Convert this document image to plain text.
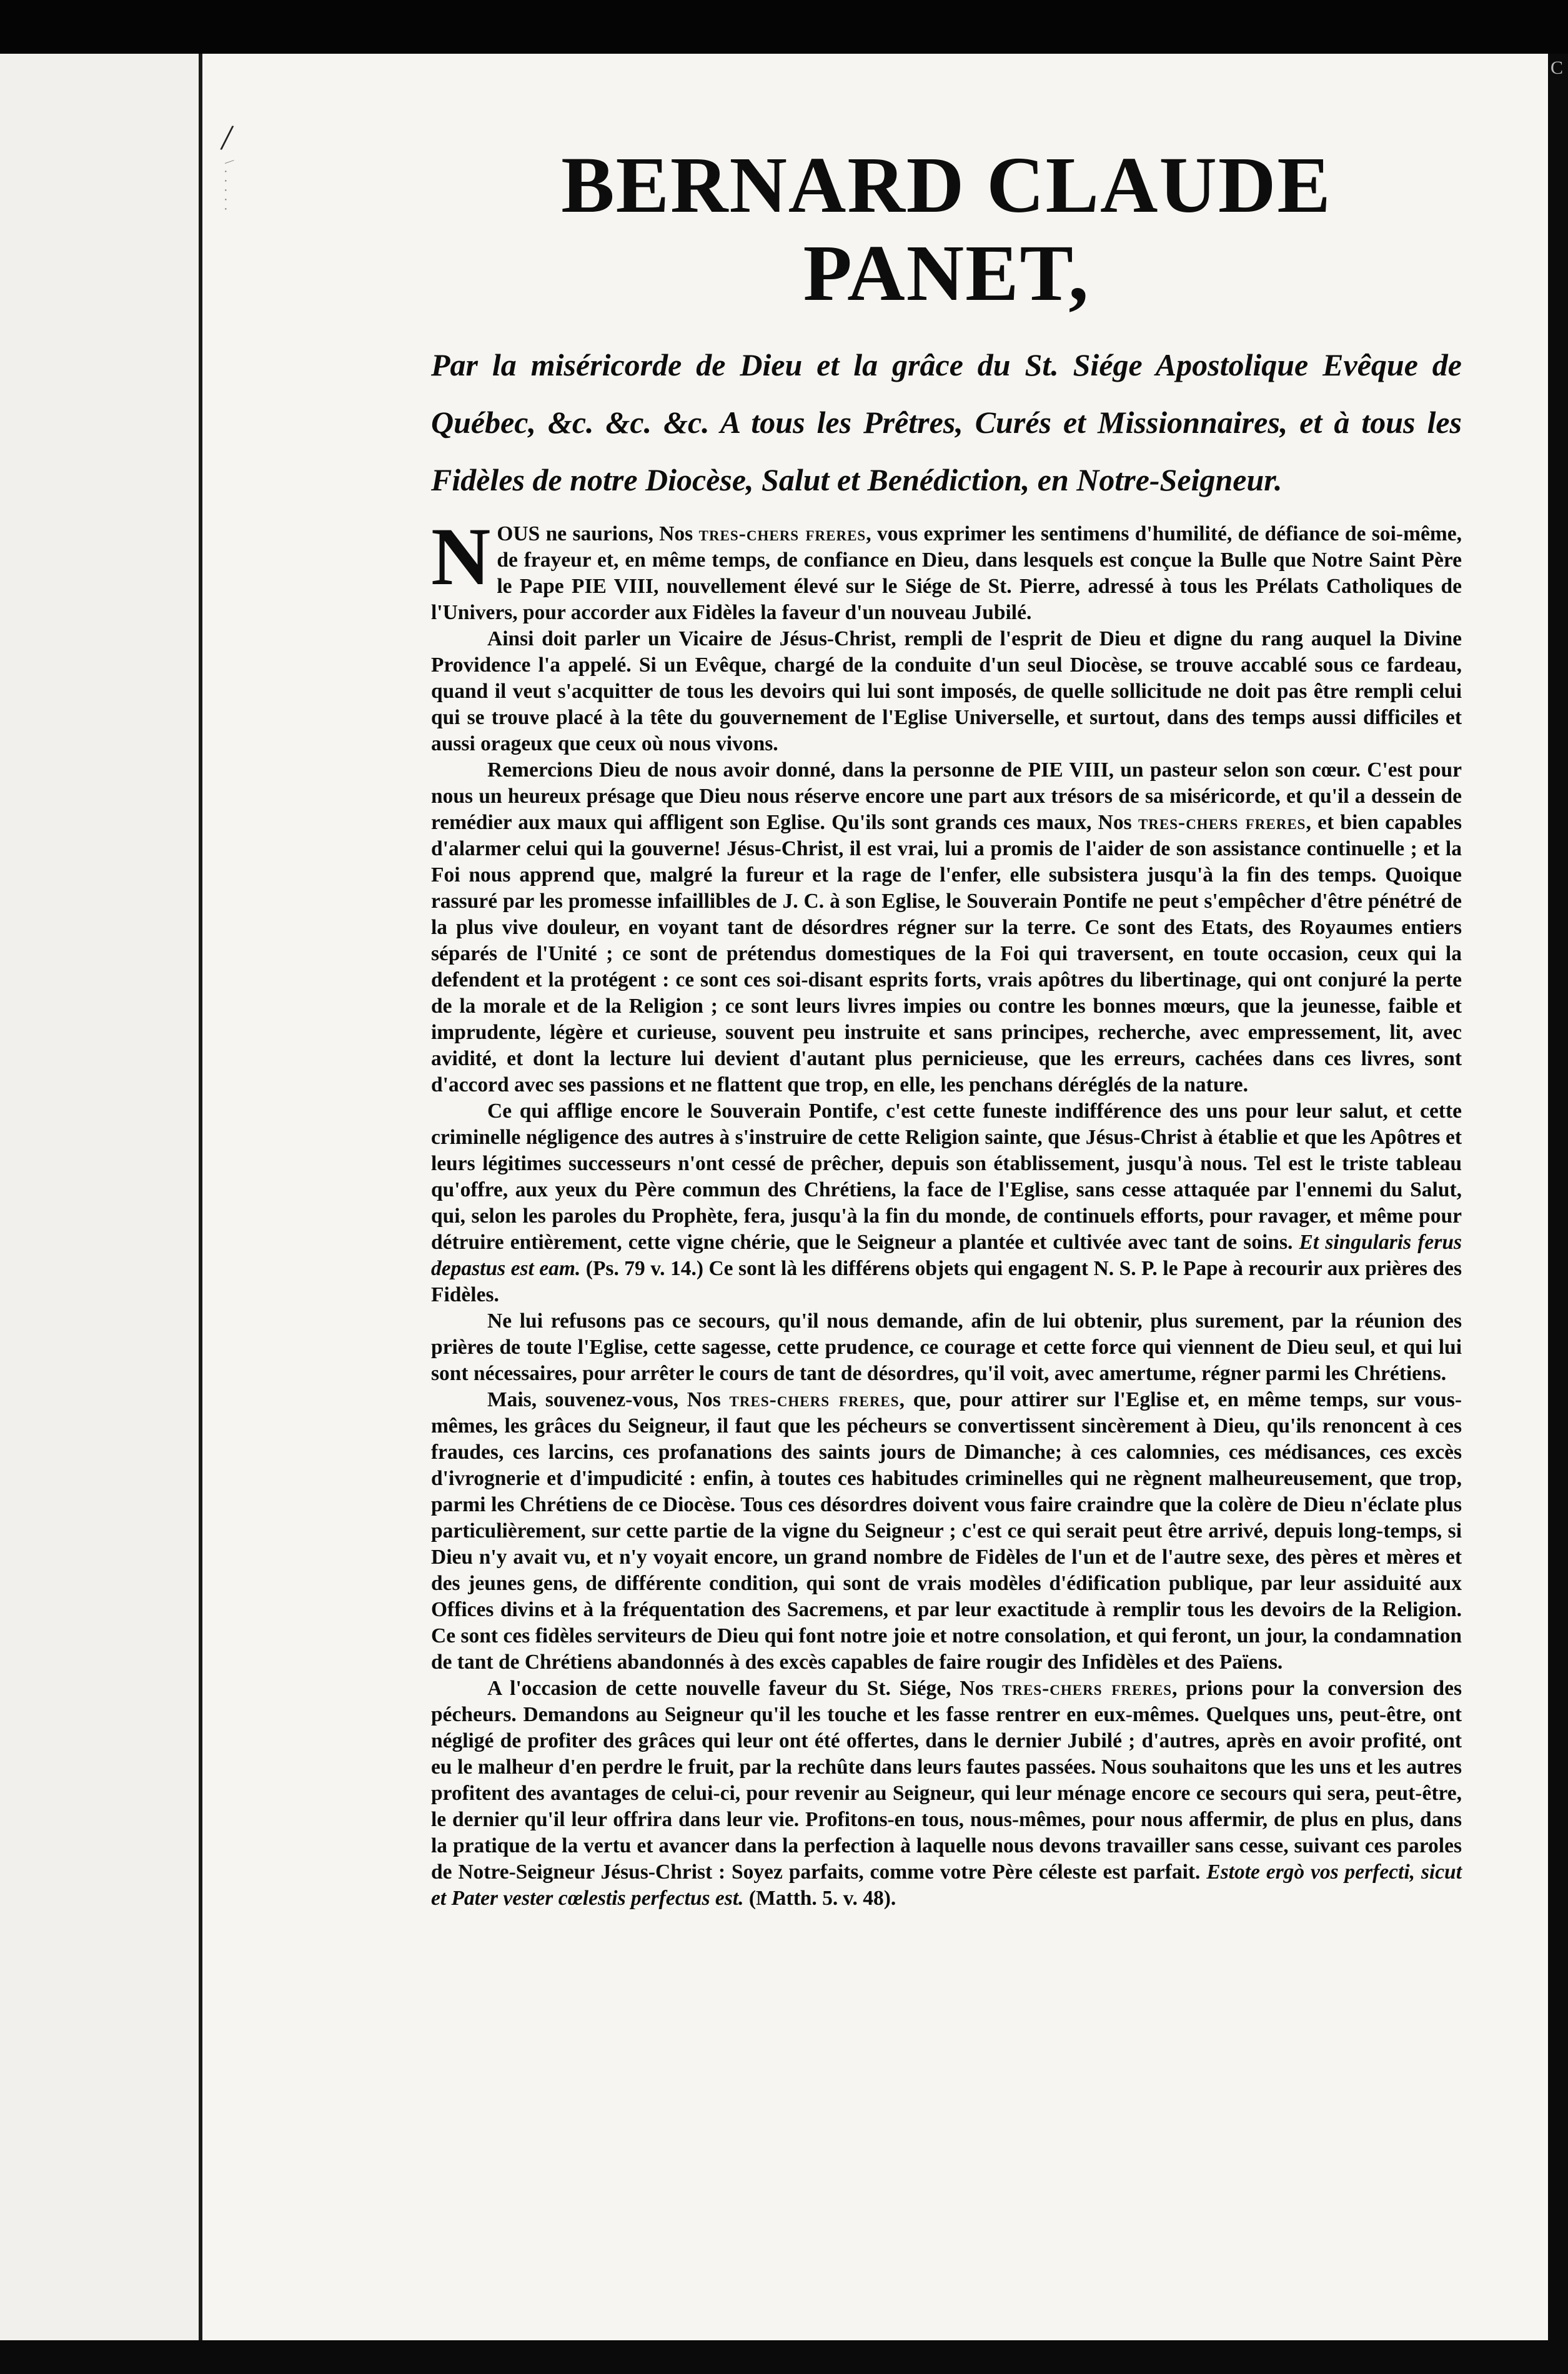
C
/
\ . . . . .	BERNARD CLAUDE PANET,

Par la miséricorde de Dieu et la grâce du St. Siége Apostolique Evêque de Québec, &c. &c. &c. A tous les Prêtres, Curés et Missionnaires, et à tous les Fidèles de notre Diocèse, Salut et Benédiction, en Notre-Seigneur.

NOUS ne saurions, Nos tres-chers freres, vous exprimer les sentimens d'humilité, de défiance de soi-même, de frayeur et, en même temps, de confiance en Dieu, dans lesquels est conçue la Bulle que Notre Saint Père le Pape PIE VIII, nouvellement élevé sur le Siége de St. Pierre, adressé à tous les Prélats Catholiques de l'Univers, pour accorder aux Fidèles la faveur d'un nouveau Jubilé.

Ainsi doit parler un Vicaire de Jésus-Christ, rempli de l'esprit de Dieu et digne du rang auquel la Divine Providence l'a appelé. Si un Evêque, chargé de la conduite d'un seul Diocèse, se trouve accablé sous ce fardeau, quand il veut s'acquitter de tous les devoirs qui lui sont imposés, de quelle sollicitude ne doit pas être rempli celui qui se trouve placé à la tête du gouvernement de l'Eglise Universelle, et surtout, dans des temps aussi difficiles et aussi orageux que ceux où nous vivons.

Remercions Dieu de nous avoir donné, dans la personne de PIE VIII, un pasteur selon son cœur. C'est pour nous un heureux présage que Dieu nous réserve encore une part aux trésors de sa miséricorde, et qu'il a dessein de remédier aux maux qui affligent son Eglise. Qu'ils sont grands ces maux, Nos tres-chers freres, et bien capables d'alarmer celui qui la gouverne! Jésus-Christ, il est vrai, lui a promis de l'aider de son assistance continuelle ; et la Foi nous apprend que, malgré la fureur et la rage de l'enfer, elle subsistera jusqu'à la fin des temps. Quoique rassuré par les promesse infaillibles de J. C. à son Eglise, le Souverain Pontife ne peut s'empêcher d'être pénétré de la plus vive douleur, en voyant tant de désordres régner sur la terre. Ce sont des Etats, des Royaumes entiers séparés de l'Unité ; ce sont de prétendus domestiques de la Foi qui traversent, en toute occasion, ceux qui la defendent et la protégent : ce sont ces soi-disant esprits forts, vrais apôtres du libertinage, qui ont conjuré la perte de la morale et de la Religion ; ce sont leurs livres impies ou contre les bonnes mœurs, que la jeunesse, faible et imprudente, légère et curieuse, souvent peu instruite et sans principes, recherche, avec empressement, lit, avec avidité, et dont la lecture lui devient d'autant plus pernicieuse, que les erreurs, cachées dans ces livres, sont d'accord avec ses passions et ne flattent que trop, en elle, les penchans déréglés de la nature.

Ce qui afflige encore le Souverain Pontife, c'est cette funeste indifférence des uns pour leur salut, et cette criminelle négligence des autres à s'instruire de cette Religion sainte, que Jésus-Christ à établie et que les Apôtres et leurs légitimes successeurs n'ont cessé de prêcher, depuis son établissement, jusqu'à nous. Tel est le triste tableau qu'offre, aux yeux du Père commun des Chrétiens, la face de l'Eglise, sans cesse attaquée par l'ennemi du Salut, qui, selon les paroles du Prophète, fera, jusqu'à la fin du monde, de continuels efforts, pour ravager, et même pour détruire entièrement, cette vigne chérie, que le Seigneur a plantée et cultivée avec tant de soins. Et singularis ferus depastus est eam. (Ps. 79 v. 14.) Ce sont là les différens objets qui engagent N. S. P. le Pape à recourir aux prières des Fidèles.

Ne lui refusons pas ce secours, qu'il nous demande, afin de lui obtenir, plus surement, par la réunion des prières de toute l'Eglise, cette sagesse, cette prudence, ce courage et cette force qui viennent de Dieu seul, et qui lui sont nécessaires, pour arrêter le cours de tant de désordres, qu'il voit, avec amertume, régner parmi les Chrétiens.

Mais, souvenez-vous, Nos tres-chers freres, que, pour attirer sur l'Eglise et, en même temps, sur vous-mêmes, les grâces du Seigneur, il faut que les pécheurs se convertissent sincèrement à Dieu, qu'ils renoncent à ces fraudes, ces larcins, ces profanations des saints jours de Dimanche; à ces calomnies, ces médisances, ces excès d'ivrognerie et d'impudicité : enfin, à toutes ces habitudes criminelles qui ne règnent malheureusement, que trop, parmi les Chrétiens de ce Diocèse. Tous ces désordres doivent vous faire craindre que la colère de Dieu n'éclate plus particulièrement, sur cette partie de la vigne du Seigneur ; c'est ce qui serait peut être arrivé, depuis long-temps, si Dieu n'y avait vu, et n'y voyait encore, un grand nombre de Fidèles de l'un et de l'autre sexe, des pères et mères et des jeunes gens, de différente condition, qui sont de vrais modèles d'édification publique, par leur assiduité aux Offices divins et à la fréquentation des Sacremens, et par leur exactitude à remplir tous les devoirs de la Religion. Ce sont ces fidèles serviteurs de Dieu qui font notre joie et notre consolation, et qui feront, un jour, la condamnation de tant de Chrétiens abandonnés à des excès capables de faire rougir des Infidèles et des Païens.

A l'occasion de cette nouvelle faveur du St. Siége, Nos tres-chers freres, prions pour la conversion des pécheurs. Demandons au Seigneur qu'il les touche et les fasse rentrer en eux-mêmes. Quelques uns, peut-être, ont négligé de profiter des grâces qui leur ont été offertes, dans le dernier Jubilé ; d'autres, après en avoir profité, ont eu le malheur d'en perdre le fruit, par la rechûte dans leurs fautes passées. Nous souhaitons que les uns et les autres profitent des avantages de celui-ci, pour revenir au Seigneur, qui leur ménage encore ce secours qui sera, peut-être, le dernier qu'il leur offrira dans leur vie. Profitons-en tous, nous-mêmes, pour nous affermir, de plus en plus, dans la pratique de la vertu et avancer dans la perfection à laquelle nous devons travailler sans cesse, suivant ces paroles de Notre-Seigneur Jésus-Christ : Soyez parfaits, comme votre Père céleste est parfait. Estote ergò vos perfecti, sicut et Pater vester cœlestis perfectus est. (Matth. 5. v. 48).
